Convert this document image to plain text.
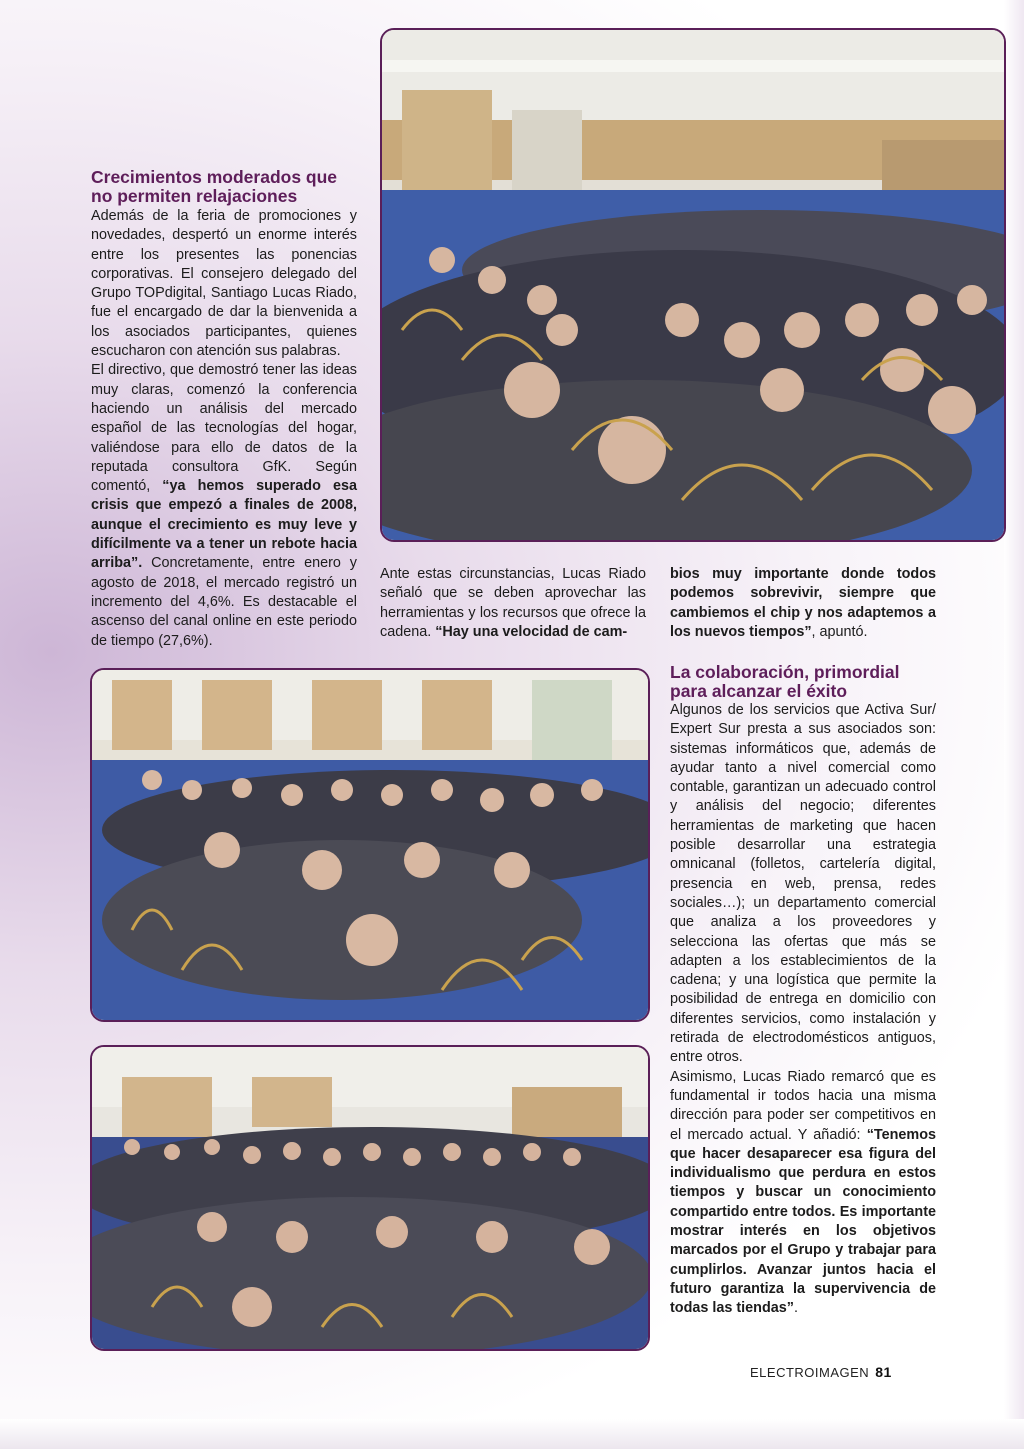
Crecimientos moderados que
no permiten relajaciones

Además de la feria de promociones y novedades, despertó un enorme interés entre los presentes las ponencias corporativas. El consejero delegado del Grupo TOPdigital, Santiago Lucas Riado, fue el encargado de dar la bienvenida a los asociados participantes, quienes escucharon con atención sus palabras.
El directivo, que demostró tener las ideas muy claras, comenzó la conferencia haciendo un análisis del mercado español de las tecnologías del hogar, valiéndose para ello de datos de la reputada consultora GfK. Según comentó, “ya hemos superado esa crisis que empezó a finales de 2008, aunque el crecimiento es muy leve y difícilmente va a tener un rebote hacia arriba”. Concretamente, entre enero y agosto de 2018, el mercado registró un incremento del 4,6%. Es destacable el ascenso del canal online en este periodo de tiempo (27,6%).

Ante estas circunstancias, Lucas Riado señaló que se deben aprovechar las herramientas y los recursos que ofrece la cadena. “Hay una velocidad de cam-

bios muy importante donde todos podemos sobrevivir, siempre que cambiemos el chip y nos adaptemos a los nuevos tiempos”, apuntó.

La colaboración, primordial
para alcanzar el éxito

Algunos de los servicios que Activa Sur/ Expert Sur presta a sus asociados son: sistemas informáticos que, además de ayudar tanto a nivel comercial como contable, garantizan un adecuado control y análisis del negocio; diferentes herramientas de marketing que hacen posible desarrollar una estrategia omnicanal (folletos, cartelería digital, presencia en web, prensa, redes sociales…); un departamento comercial que analiza a los proveedores y selecciona las ofertas que más se adapten a los establecimientos de la cadena; y una logística que permite la posibilidad de entrega en domicilio con diferentes servicios, como instalación y retirada de electrodomésticos antiguos, entre otros.
Asimismo, Lucas Riado remarcó que es fundamental ir todos hacia una misma dirección para poder ser competitivos en el mercado actual. Y añadió: “Tenemos que hacer desaparecer esa figura del individualismo que perdura en estos tiempos y buscar un conocimiento compartido entre todos. Es importante mostrar interés en los objetivos marcados por el Grupo y trabajar para cumplirlos. Avanzar juntos hacia el futuro garantiza la supervivencia de todas las tiendas”.

ELECTROIMAGEN 81
